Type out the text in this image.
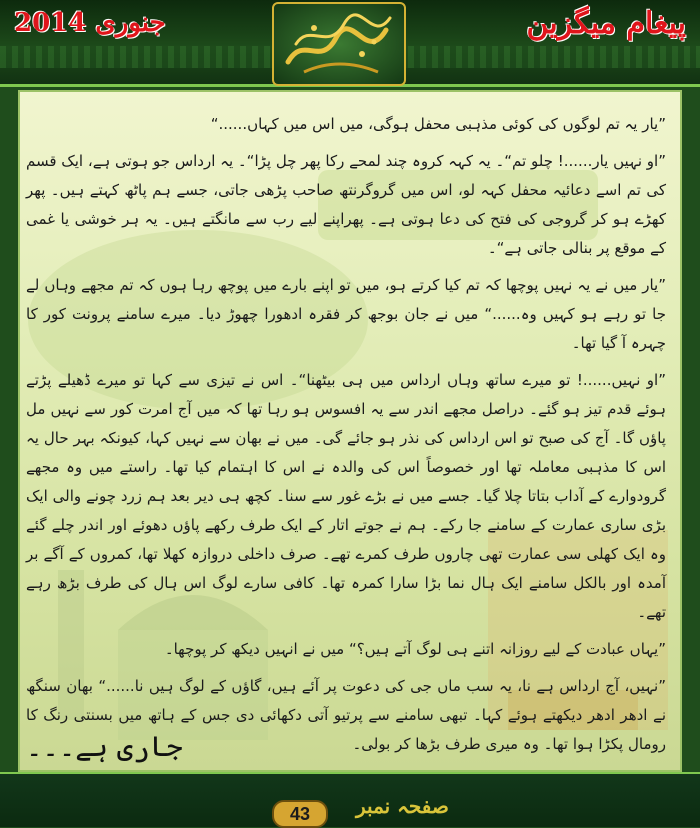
پیغام میگزین
جنوری 2014

”یار یہ تم لوگوں کی کوئی مذہبی محفل ہوگی، میں اس میں کہاں......“

”او نہیں یار......! چلو تم“۔ یہ کہہ کروہ چند لمحے رکا پھر چل پڑا“۔ یہ ارداس جو ہوتی ہے، ایک قسم کی تم اسے دعائیہ محفل کہہ لو، اس میں گروگرنتھ صاحب پڑھی جاتی، جسے ہم پاٹھ کہتے ہیں۔ پھر کھڑے ہو کر گروجی کی فتح کی دعا ہوتی ہے۔ پھراپنے لیے رب سے مانگتے ہیں۔ یہ ہر خوشی یا غمی کے موقع پر بنالی جاتی ہے“۔

”یار میں نے یہ نہیں پوچھا کہ تم کیا کرتے ہو، میں تو اپنے بارے میں پوچھ رہا ہوں کہ تم مجھے وہاں لے جا تو رہے ہو کہیں وہ......“ میں نے جان بوجھ کر فقرہ ادھورا چھوڑ دیا۔ میرے سامنے پرونت کور کا چہرہ آ گیا تھا۔

”او نہیں......! تو میرے ساتھ وہاں ارداس میں ہی بیٹھنا“۔ اس نے تیزی سے کہا تو میرے ڈھیلے پڑتے ہوئے قدم تیز ہو گئے۔ دراصل مجھے اندر سے یہ افسوس ہو رہا تھا کہ میں آج امرت کور سے نہیں مل پاؤں گا۔ آج کی صبح تو اس ارداس کی نذر ہو جائے گی۔ میں نے بھان سے نہیں کہا، کیونکہ بہر حال یہ اس کا مذہبی معاملہ تھا اور خصوصاً اس کی والدہ نے اس کا اہتمام کیا تھا۔ راستے میں وہ مجھے گرودوارے کے آداب بتاتا چلا گیا۔ جسے میں نے بڑے غور سے سنا۔ کچھ ہی دیر بعد ہم زرد چونے والی ایک بڑی ساری عمارت کے سامنے جا رکے۔ ہم نے جوتے اتار کے ایک طرف رکھے پاؤں دھوئے اور اندر چلے گئے وہ ایک کھلی سی عمارت تھی چاروں طرف کمرے تھے۔ صرف داخلی دروازہ کھلا تھا، کمروں کے آگے بر آمدہ اور بالکل سامنے ایک ہال نما بڑا سارا کمرہ تھا۔ کافی سارے لوگ اس ہال کی طرف بڑھ رہے تھے۔

”یہاں عبادت کے لیے روزانہ اتنے ہی لوگ آتے ہیں؟“ میں نے انہیں دیکھ کر پوچھا۔

”نہیں، آج ارداس ہے نا، یہ سب ماں جی کی دعوت پر آئے ہیں، گاؤں کے لوگ ہیں نا......“ بھان سنگھ نے ادھر ادھر دیکھتے ہوئے کہا۔ تبھی سامنے سے پرتیو آتی دکھائی دی جس کے ہاتھ میں بسنتی رنگ کا رومال پکڑا ہوا تھا۔ وہ میری طرف بڑھا کر بولی۔

جاری ہے۔۔۔
43	صفحہ نمبر
